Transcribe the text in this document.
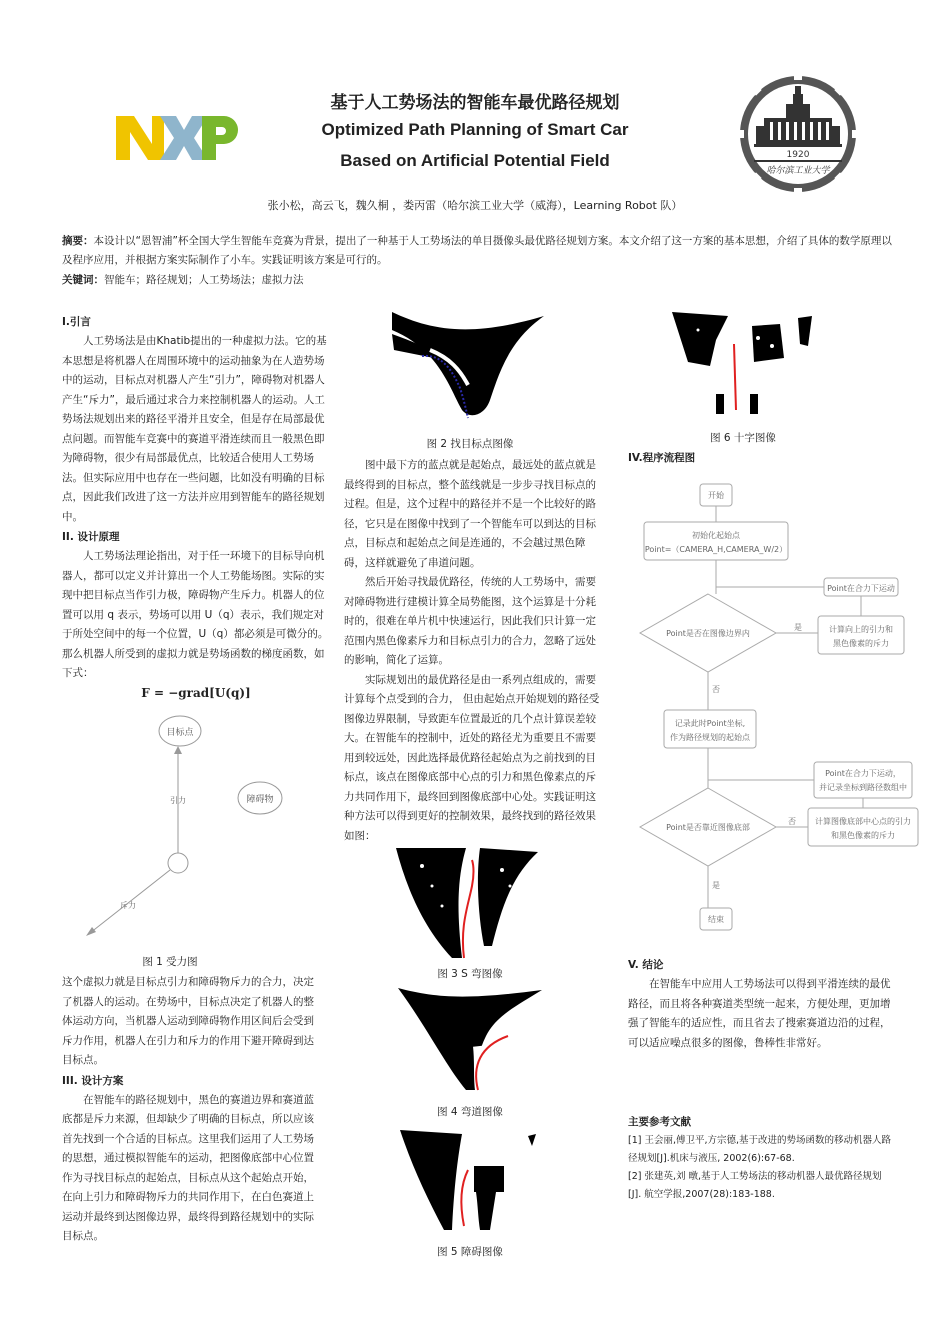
基于人工势场法的智能车最优路径规划
Optimized Path Planning of Smart Car
Based on Artificial Potential Field	1920
哈尔滨工业大学
张小松，高云飞，魏久桐 ，娄丙雷（哈尔滨工业大学（威海），Learning Robot 队）
摘要：本设计以“恩智浦”杯全国大学生智能车竞赛为背景，提出了一种基于人工势场法的单目摄像头最优路径规划方案。本文介绍了这一方案的基本思想，介绍了具体的数学原理以及程序应用，并根据方案实际制作了小车。实践证明该方案是可行的。
关键词：智能车；路径规划；人工势场法；虚拟力法
I.引言

人工势场法是由Khatib提出的一种虚拟力法。它的基本思想是将机器人在周围环境中的运动抽象为在人造势场中的运动，目标点对机器人产生“引力”，障碍物对机器人产生“斥力”，最后通过求合力来控制机器人的运动。人工势场法规划出来的路径平滑并且安全，但是存在局部最优点问题。而智能车竞赛中的赛道平滑连续而且一般黑色即为障碍物，很少有局部最优点，比较适合使用人工势场法。但实际应用中也存在一些问题，比如没有明确的目标点，因此我们改进了这一方法并应用到智能车的路径规划中。

II. 设计原理

人工势场法理论指出，对于任一环境下的目标导向机器人，都可以定义并计算出一个人工势能场图。实际的实现中把目标点当作引力极，障碍物产生斥力。机器人的位置可以用 q 表示，势场可以用 U（q）表示，我们规定对于所处空间中的每一个位置，U（q）都必须是可微分的。那么机器人所受到的虚拟力就是势场函数的梯度函数，如下式：

F = −grad[U(q)]
目标点
障碍物
引力
斥力
图 1 受力图

这个虚拟力就是目标点引力和障碍物斥力的合力，决定了机器人的运动。在势场中，目标点决定了机器人的整体运动方向，当机器人运动到障碍物作用区间后会受到斥力作用，机器人在引力和斥力的作用下避开障碍到达目标点。

III. 设计方案

在智能车的路径规划中，黑色的赛道边界和赛道蓝底都是斥力来源，但却缺少了明确的目标点，所以应该首先找到一个合适的目标点。这里我们运用了人工势场的思想，通过模拟智能车的运动，把图像底部中心位置作为寻找目标点的起始点，目标点从这个起始点开始，在向上引力和障碍物斥力的共同作用下，在白色赛道上运动并最终到达图像边界，最终得到路径规划中的实际目标点。

图 2 找目标点图像

图中最下方的蓝点就是起始点，最远处的蓝点就是最终得到的目标点，整个蓝线就是一步步寻找目标点的过程。但是，这个过程中的路径并不是一个比较好的路径，它只是在图像中找到了一个智能车可以到达的目标点，目标点和起始点之间是连通的，不会越过黑色障碍，这样就避免了串道问题。

然后开始寻找最优路径，传统的人工势场中，需要对障碍物进行建模计算全局势能图，这个运算是十分耗时的，很难在单片机中快速运行，因此我们只计算一定范围内黑色像素斥力和目标点引力的合力，忽略了远处的影响，简化了运算。

实际规划出的最优路径是由一系列点组成的，需要计算每个点受到的合力， 但由起始点开始规划的路径受图像边界限制，导致距车位置最近的几个点计算误差较大。在智能车的控制中，近处的路径尤为重要且不需要用到较远处，因此选择最优路径起始点为之前找到的目标点，该点在图像底部中心点的引力和黑色像素点的斥力共同作用下，最终回到图像底部中心处。实践证明这种方法可以得到更好的控制效果，最终找到的路径效果如图：

图 3 S 弯图像
图 4 弯道图像
图 5 障碍图像
图 6 十字图像
IV.程序流程图
开始
初始化起始点
Point=（CAMERA_H,CAMERA_W/2）
Point是否在图像边界内
是
否
计算向上的引力和
黑色像素的斥力
Point在合力下运动
记录此时Point坐标,
作为路径规划的起始点
Point是否靠近图像底部
否
是
计算图像底部中心点的引力
和黑色像素的斥力
Point在合力下运动，
并记录坐标到路径数组中
结束
V. 结论

在智能车中应用人工势场法可以得到平滑连续的最优路径，而且将各种赛道类型统一起来，方便处理，更加增强了智能车的适应性，而且省去了搜索赛道边沿的过程，可以适应噪点很多的图像，鲁棒性非常好。

主要参考文献
[1] 王会丽,傅卫平,方宗德,基于改进的势场函数的移动机器人路径规划[J].机床与液压, 2002(6):67-68.
[2] 张建英,刘 暾,基于人工势场法的移动机器人最优路径规划[J]. 航空学报,2007(28):183-188.
